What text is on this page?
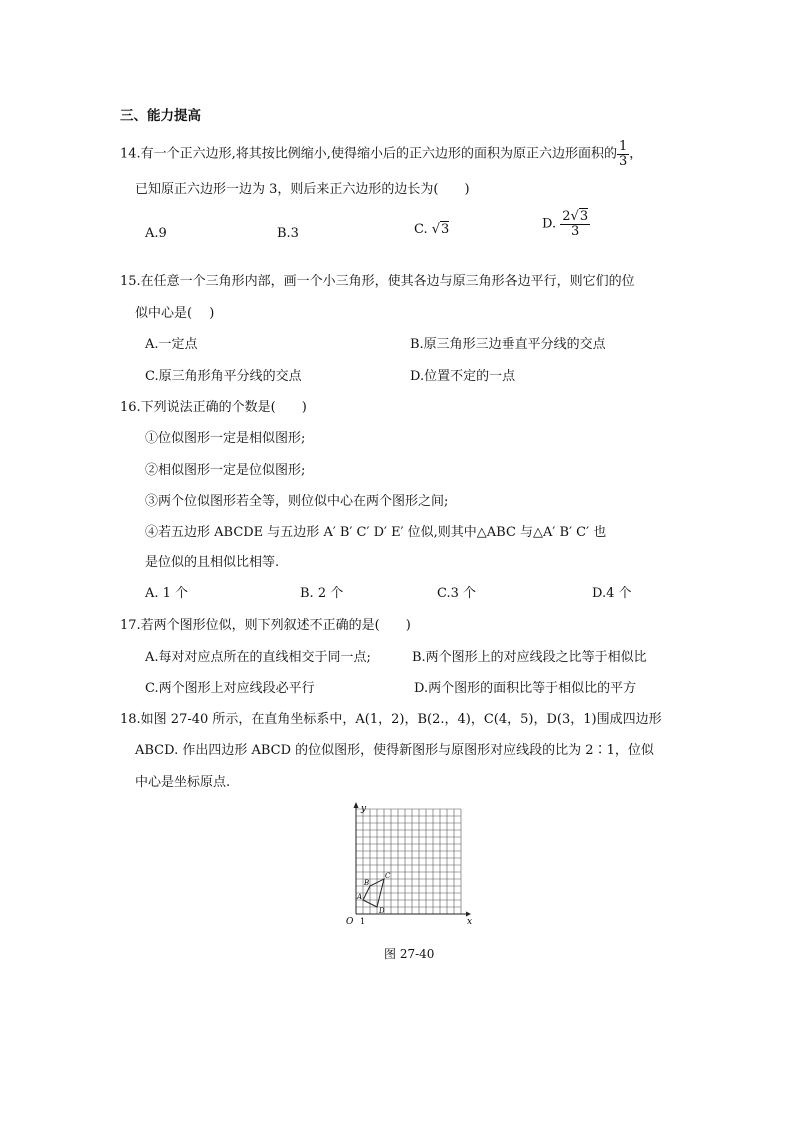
三、能力提高
14.有一个正六边形,将其按比例缩小,使得缩小后的正六边形的面积为原正六边形面积的 $\frac{1}{3}$ ，
已知原正六边形一边为 3，则后来正六边形的边长为(　　)
A.9	B.3	C. √3	D. $\frac{2√3}{3}$
15.在任意一个三角形内部，画一个小三角形，使其各边与原三角形各边平行，则它们的位
似中心是(　 )
A.一定点	B.原三角形三边垂直平分线的交点
C.原三角形角平分线的交点	D.位置不定的一点
16.下列说法正确的个数是(　　)
①位似图形一定是相似图形;
②相似图形一定是位似图形;
③两个位似图形若全等，则位似中心在两个图形之间;
④若五边形 ABCDE 与五边形 A′ B′ C′ D′ E′ 位似,则其中△ABC 与△A′ B′ C′ 也
是位似的且相似比相等.
A. 1 个	B. 2 个	C.3 个	D.4 个
17.若两个图形位似，则下列叙述不正确的是(　　)
A.每对对应点所在的直线相交于同一点;	B.两个图形上的对应线段之比等于相似比
C.两个图形上对应线段必平行	D.两个图形的面积比等于相似比的平方
18.如图 27-40 所示，在直角坐标系中，A(1，2)，B(2.，4)，C(4，5)，D(3，1)围成四边形
ABCD. 作出四边形 ABCD 的位似图形，使得新图形与原图形对应线段的比为 2∶1，位似
中心是坐标原点.
x
y
O 1
A
B
C
D
图 27-40
